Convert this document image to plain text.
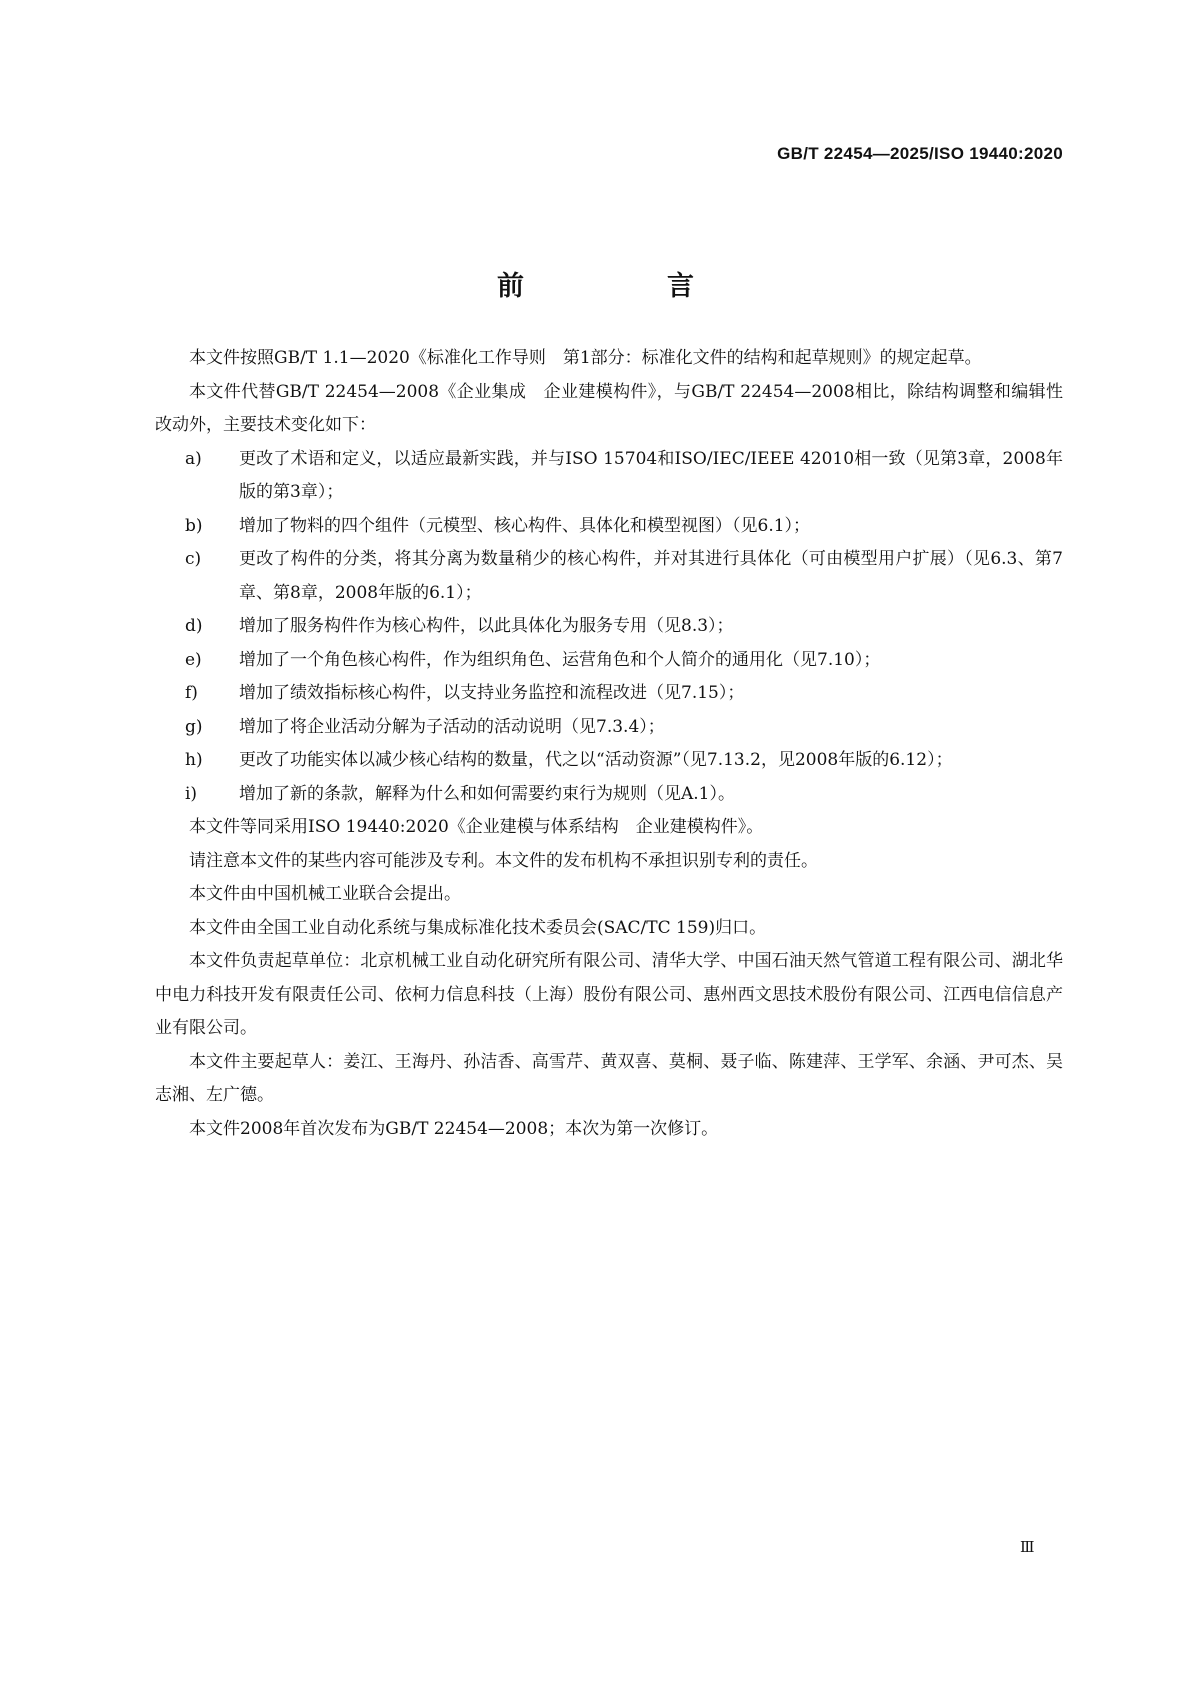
GB/T 22454—2025/ISO 19440:2020
前　言

本文件按照GB/T 1.1—2020《标准化工作导则　第1部分：标准化文件的结构和起草规则》的规定起草。

本文件代替GB/T 22454—2008《企业集成　企业建模构件》，与GB/T 22454—2008相比，除结构调整和编辑性改动外，主要技术变化如下：

a) 更改了术语和定义，以适应最新实践，并与ISO 15704和ISO/IEC/IEEE 42010相一致（见第3章，2008年版的第3章）；
b) 增加了物料的四个组件（元模型、核心构件、具体化和模型视图）（见6.1）；
c) 更改了构件的分类，将其分离为数量稍少的核心构件，并对其进行具体化（可由模型用户扩展）（见6.3、第7章、第8章，2008年版的6.1）；
d) 增加了服务构件作为核心构件，以此具体化为服务专用（见8.3）；
e) 增加了一个角色核心构件，作为组织角色、运营角色和个人简介的通用化（见7.10）；
f) 增加了绩效指标核心构件，以支持业务监控和流程改进（见7.15）；
g) 增加了将企业活动分解为子活动的活动说明（见7.3.4）；
h) 更改了功能实体以减少核心结构的数量，代之以“活动资源”（见7.13.2，见2008年版的6.12）；
i) 增加了新的条款，解释为什么和如何需要约束行为规则（见A.1）。

本文件等同采用ISO 19440:2020《企业建模与体系结构　企业建模构件》。

请注意本文件的某些内容可能涉及专利。本文件的发布机构不承担识别专利的责任。

本文件由中国机械工业联合会提出。

本文件由全国工业自动化系统与集成标准化技术委员会(SAC/TC 159)归口。

本文件负责起草单位：北京机械工业自动化研究所有限公司、清华大学、中国石油天然气管道工程有限公司、湖北华中电力科技开发有限责任公司、依柯力信息科技（上海）股份有限公司、惠州西文思技术股份有限公司、江西电信信息产业有限公司。

本文件主要起草人：姜江、王海丹、孙洁香、高雪芹、黄双喜、莫桐、聂子临、陈建萍、王学军、余涵、尹可杰、吴志湘、左广德。

本文件2008年首次发布为GB/T 22454—2008；本次为第一次修订。

Ⅲ
